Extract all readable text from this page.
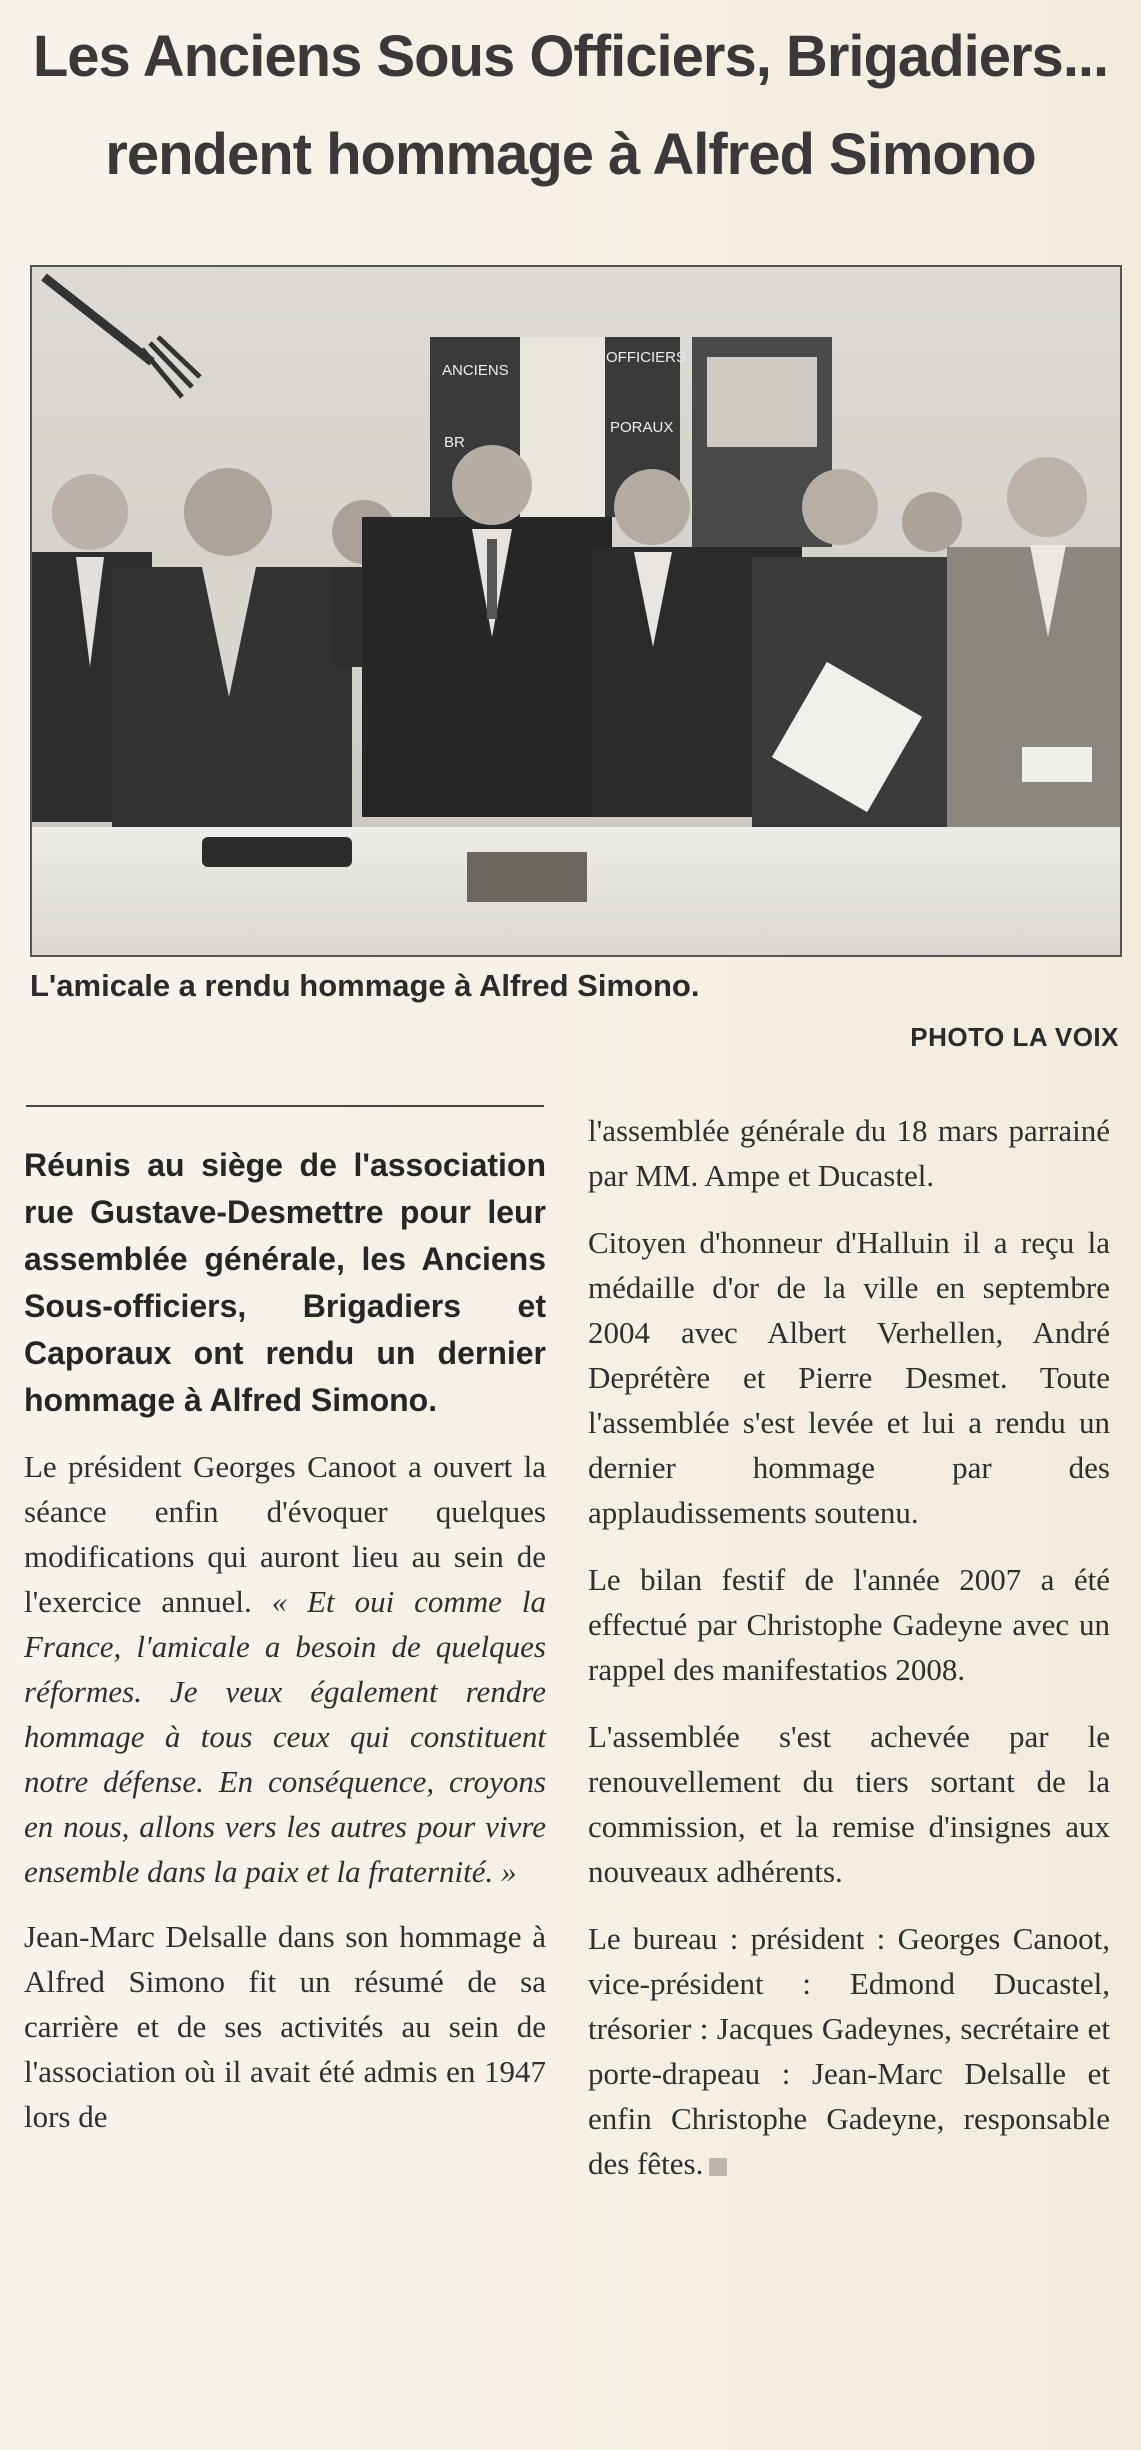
Les Anciens Sous Officiers, Brigadiers...
rendent hommage à Alfred Simono
ANCIENS
OFFICIERS
BR
PORAUX
L'amicale a rendu hommage à Alfred Simono.
PHOTO LA VOIX

Réunis au siège de l'association rue Gustave-Desmettre pour leur assemblée générale, les Anciens Sous-officiers, Brigadiers et Caporaux ont rendu un dernier hommage à Alfred Simono.

Le président Georges Canoot a ouvert la séance enfin d'évoquer quelques modifications qui auront lieu au sein de l'exercice annuel. « Et oui comme la France, l'amicale a besoin de quelques réformes. Je veux également rendre hommage à tous ceux qui constituent notre défense. En conséquence, croyons en nous, allons vers les autres pour vivre ensemble dans la paix et la fraternité. »

Jean-Marc Delsalle dans son hommage à Alfred Simono fit un résumé de sa carrière et de ses activités au sein de l'association où il avait été admis en 1947 lors de

l'assemblée générale du 18 mars parrainé par MM. Ampe et Ducastel.

Citoyen d'honneur d'Halluin il a reçu la médaille d'or de la ville en septembre 2004 avec Albert Verhellen, André Deprétère et Pierre Desmet. Toute l'assemblée s'est levée et lui a rendu un dernier hommage par des applaudissements soutenu.

Le bilan festif de l'année 2007 a été effectué par Christophe Gadeyne avec un rappel des manifestatios 2008.

L'assemblée s'est achevée par le renouvellement du tiers sortant de la commission, et la remise d'insignes aux nouveaux adhérents.

Le bureau : président : Georges Canoot, vice-président : Edmond Ducastel, trésorier : Jacques Gadeynes, secrétaire et porte-drapeau : Jean-Marc Delsalle et enfin Christophe Gadeyne, responsable des fêtes.
